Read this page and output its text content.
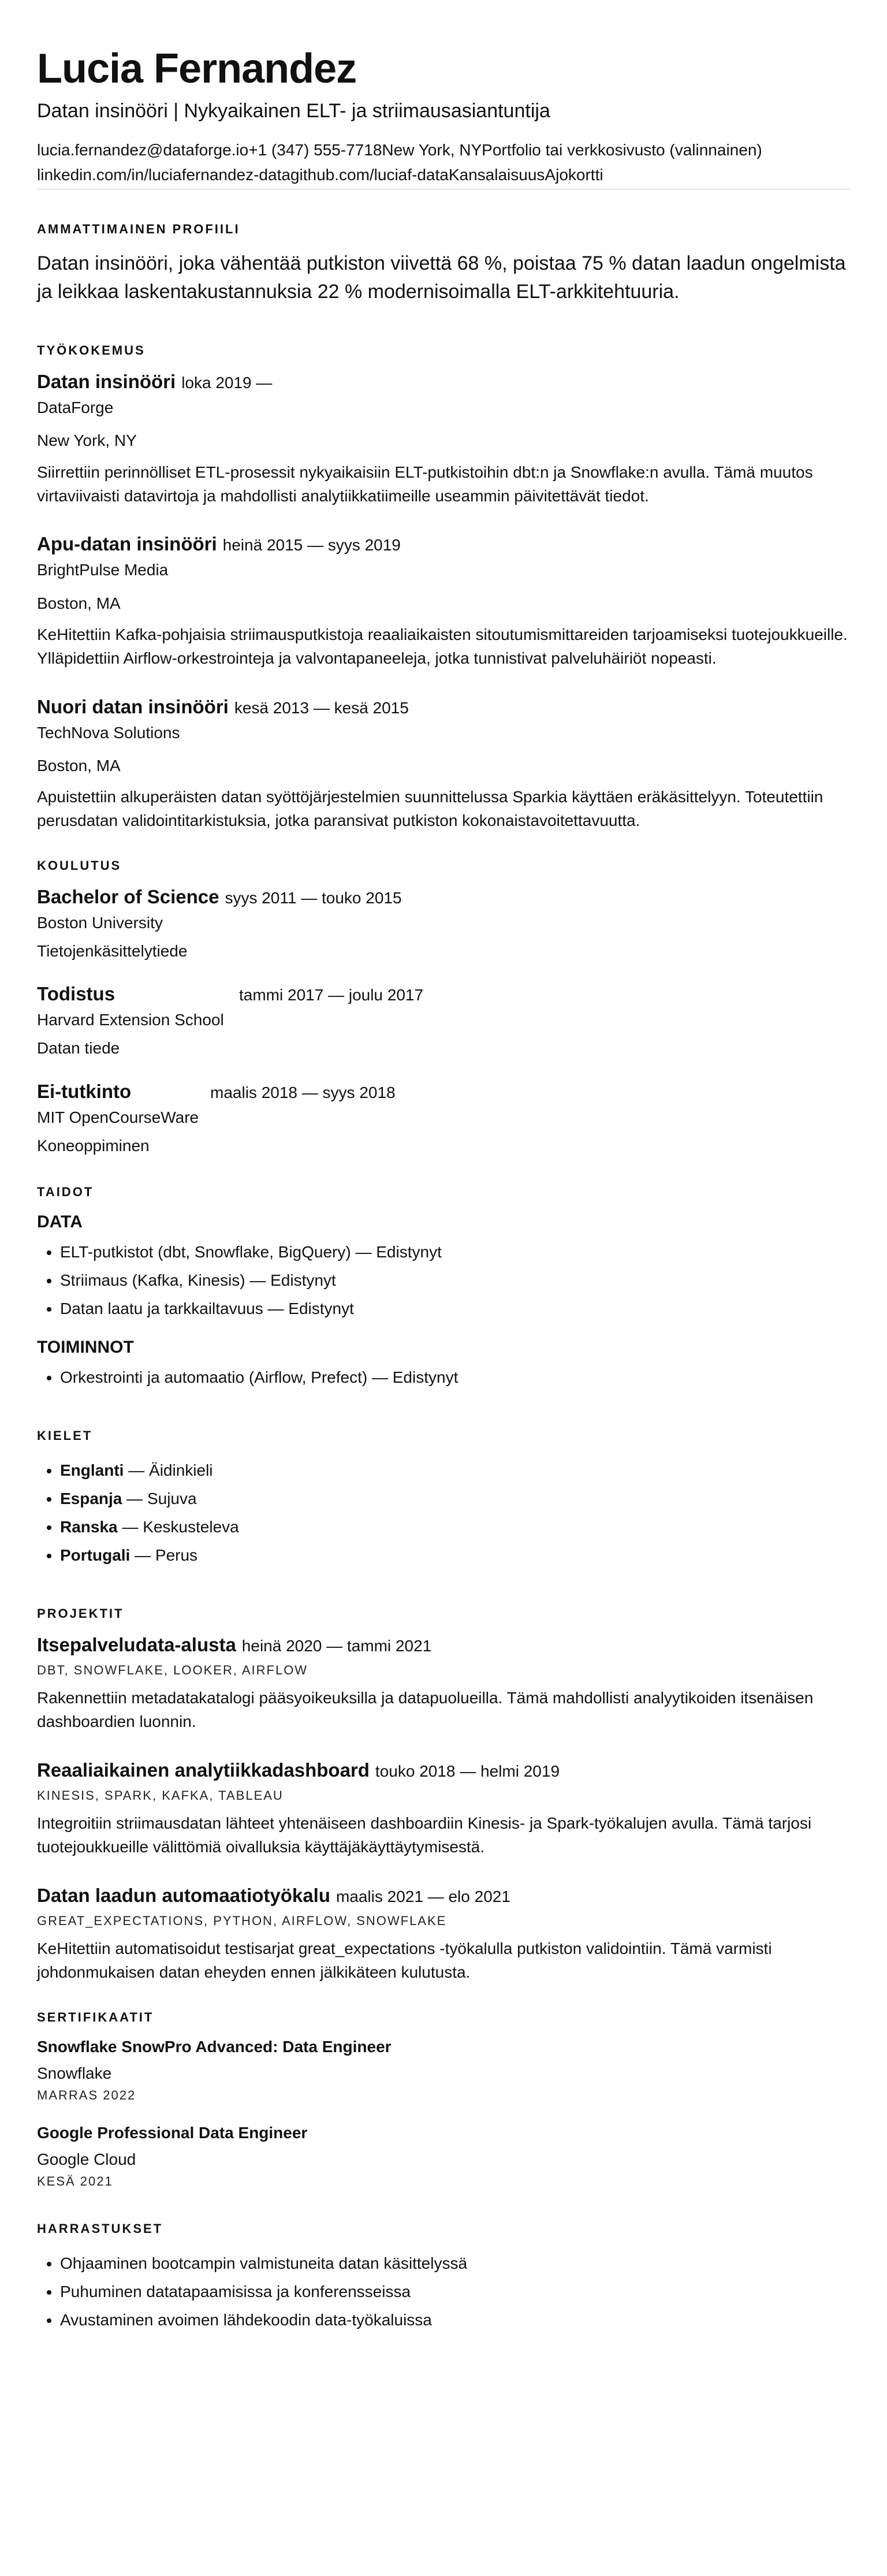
Lucia Fernandez
Datan insinööri | Nykyaikainen ELT- ja striimausasiantuntija
lucia.fernandez@dataforge.io+1 (347) 555-7718New York, NYPortfolio tai verkkosivusto (valinnainen)
linkedin.com/in/luciafernandez-datagithub.com/luciaf-dataKansalaisuusAjokortti
AMMATTIMAINEN PROFIILI
Datan insinööri, joka vähentää putkiston viivettä 68 %, poistaa 75 % datan laadun ongelmista ja leikkaa laskentakustannuksia 22 % modernisoimalla ELT-arkkitehtuuria.
TYÖKOKEMUS
Datan insinööri loka 2019 —
DataForge
New York, NY
Siirrettiin perinnölliset ETL-prosessit nykyaikaisiin ELT-putkistoihin dbt:n ja Snowflake:n avulla. Tämä muutos virtaviivaisti datavirtoja ja mahdollisti analytiikkatiimeille useammin päivitettävät tiedot.
Apu-datan insinööri heinä 2015 — syys 2019
BrightPulse Media
Boston, MA
KeHitettiin Kafka-pohjaisia striimausputkistoja reaaliaikaisten sitoutumismittareiden tarjoamiseksi tuotejoukkueille. Ylläpidettiin Airflow-orkestrointeja ja valvontapaneeleja, jotka tunnistivat palveluhäiriöt nopeasti.
Nuori datan insinööri kesä 2013 — kesä 2015
TechNova Solutions
Boston, MA
Apuistettiin alkuperäisten datan syöttöjärjestelmien suunnittelussa Sparkia käyttäen eräkäsittelyyn. Toteutettiin perusdatan validointitarkistuksia, jotka paransivat putkiston kokonaistavoitettavuutta.
KOULUTUS
Bachelor of Science syys 2011 — touko 2015
Boston University
Tietojenkäsittelytiede
Todistus	tammi 2017 — joulu 2017
Harvard Extension School
Datan tiede
Ei-tutkinto	maalis 2018 — syys 2018
MIT OpenCourseWare
Koneoppiminen
TAIDOT
DATA
• ELT-putkistot (dbt, Snowflake, BigQuery) — Edistynyt
• Striimaus (Kafka, Kinesis) — Edistynyt
• Datan laatu ja tarkkailtavuus — Edistynyt
TOIMINNOT
• Orkestrointi ja automaatio (Airflow, Prefect) — Edistynyt
KIELET
• Englanti — Äidinkieli
• Espanja — Sujuva
• Ranska — Keskusteleva
• Portugali — Perus
PROJEKTIT
Itsepalveludata-alusta heinä 2020 — tammi 2021
DBT, SNOWFLAKE, LOOKER, AIRFLOW
Rakennettiin metadatakatalogi pääsyoikeuksilla ja datapuolueilla. Tämä mahdollisti analyytikoiden itsenäisen dashboardien luonnin.
Reaaliaikainen analytiikkadashboard touko 2018 — helmi 2019
KINESIS, SPARK, KAFKA, TABLEAU
Integroitiin striimausdatan lähteet yhtenäiseen dashboardiin Kinesis- ja Spark-työkalujen avulla. Tämä tarjosi tuotejoukkueille välittömiä oivalluksia käyttäjäkäyttäytymisestä.
Datan laadun automaatiotyökalu maalis 2021 — elo 2021
GREAT_EXPECTATIONS, PYTHON, AIRFLOW, SNOWFLAKE
KeHitettiin automatisoidut testisarjat great_expectations -työkalulla putkiston validointiin. Tämä varmisti johdonmukaisen datan eheyden ennen jälkikäteen kulutusta.
SERTIFIKAATIT
Snowflake SnowPro Advanced: Data Engineer
Snowflake
MARRAS 2022
Google Professional Data Engineer
Google Cloud
KESÄ 2021
HARRASTUKSET
• Ohjaaminen bootcampin valmistuneita datan käsittelyssä
• Puhuminen datatapaamisissa ja konferensseissa
• Avustaminen avoimen lähdekoodin data-työkaluissa
